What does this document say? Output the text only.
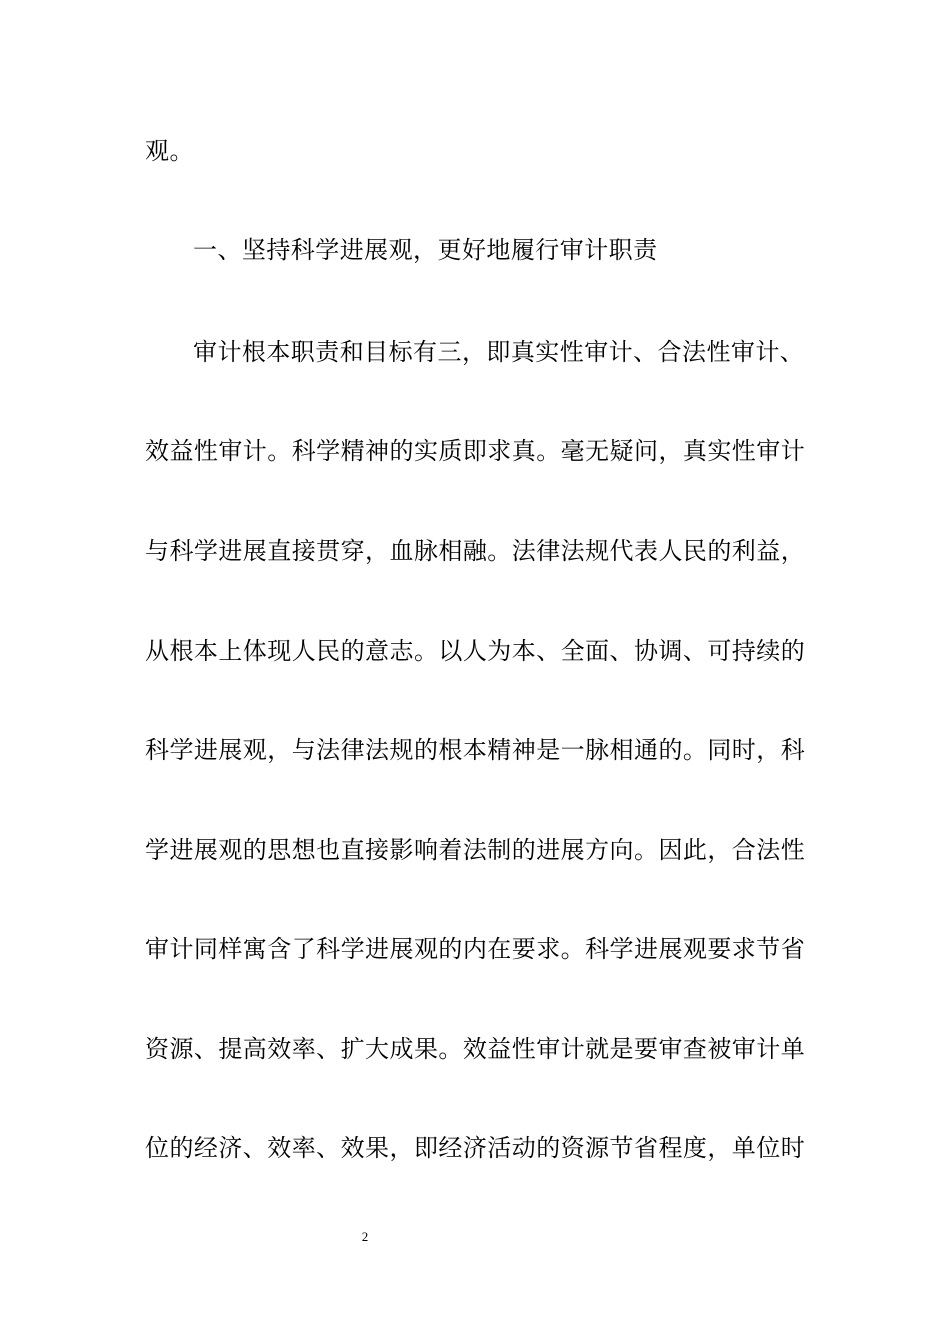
观。
一、坚持科学进展观，更好地履行审计职责
审计根本职责和目标有三，即真实性审计、合法性审计、
效益性审计。科学精神的实质即求真。毫无疑问，真实性审计
与科学进展直接贯穿，血脉相融。法律法规代表人民的利益，
从根本上体现人民的意志。以人为本、全面、协调、可持续的
科学进展观，与法律法规的根本精神是一脉相通的。同时，科
学进展观的思想也直接影响着法制的进展方向。因此，合法性
审计同样寓含了科学进展观的内在要求。科学进展观要求节省
资源、提高效率、扩大成果。效益性审计就是要审查被审计单
位的经济、效率、效果，即经济活动的资源节省程度，单位时
2
